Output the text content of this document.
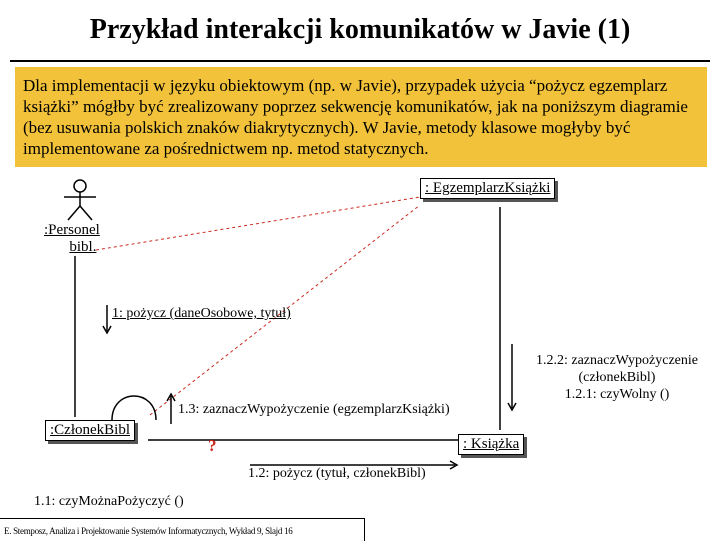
Przykład interakcji komunikatów w Javie (1)
Dla implementacji w języku obiektowym (np. w Javie), przypadek użycia “pożycz egzemplarz książki” mógłby być zrealizowany poprzez sekwencję komunikatów, jak na poniższym diagramie (bez usuwania polskich znaków diakrytycznych). W Javie, metody klasowe mogłyby być implementowane za pośrednictwem np. metod statycznych.
: EgzemplarzKsiążki
:Personel
bibl.
:CzłonekBibl
: Książka
1: pożycz (daneOsobowe, tytuł)
1.3: zaznaczWypożyczenie (egzemplarzKsiążki)
1.2: pożycz (tytuł, członekBibl)
1.1: czyMożnaPożyczyć ()
1.2.2: zaznaczWypożyczenie
(członekBibl)
1.2.1: czyWolny ()
?
E. Stemposz, Analiza i Projektowanie Systemów Informatycznych, Wykład 9, Slajd 16
